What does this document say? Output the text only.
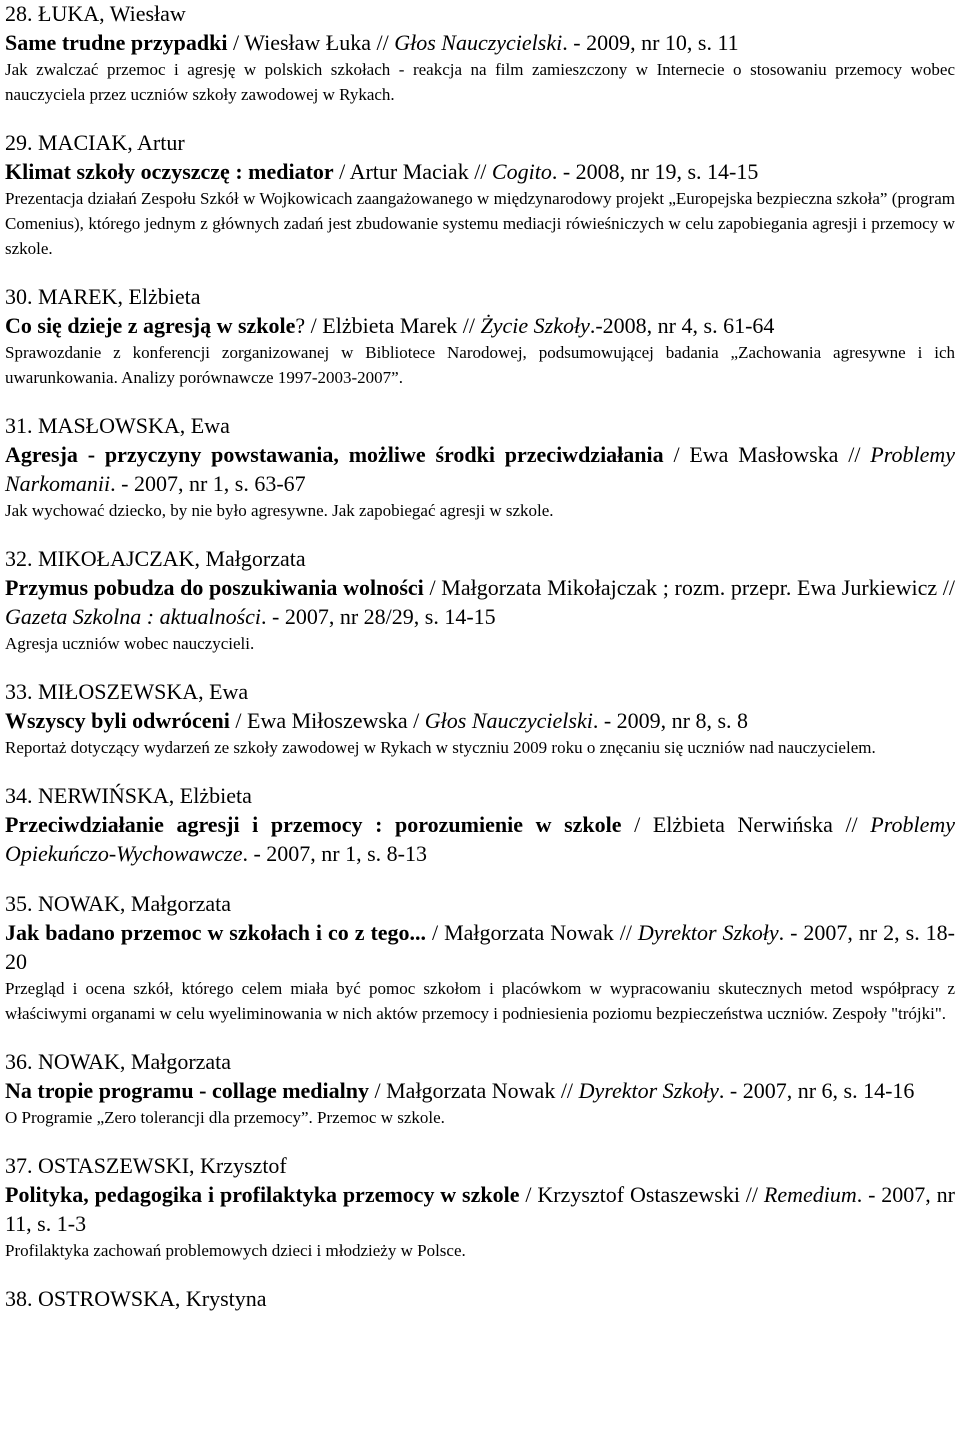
28. ŁUKA, Wiesław

Same trudne przypadki / Wiesław Łuka // Głos Nauczycielski. - 2009, nr 10, s. 11

Jak zwalczać przemoc i agresję w polskich szkołach - reakcja na film zamieszczony w Internecie o stosowaniu przemocy wobec nauczyciela przez uczniów szkoły zawodowej w Rykach.

29. MACIAK, Artur

Klimat szkoły oczyszczę : mediator / Artur Maciak // Cogito. - 2008, nr 19, s. 14-15

Prezentacja działań Zespołu Szkół w Wojkowicach zaangażowanego w międzynarodowy projekt „Europejska bezpieczna szkoła” (program Comenius), którego jednym z głównych zadań jest zbudowanie systemu mediacji rówieśniczych w celu zapobiegania agresji i przemocy w szkole.

30. MAREK, Elżbieta

Co się dzieje z agresją w szkole? / Elżbieta Marek // Życie Szkoły.-2008, nr 4, s. 61-64

Sprawozdanie z konferencji zorganizowanej w Bibliotece Narodowej, podsumowującej badania „Zachowania agresywne i ich uwarunkowania. Analizy porównawcze 1997-2003-2007”.

31. MASŁOWSKA, Ewa

Agresja - przyczyny powstawania, możliwe środki przeciwdziałania / Ewa Masłowska // Problemy Narkomanii. - 2007, nr 1, s. 63-67

Jak wychować dziecko, by nie było agresywne. Jak zapobiegać agresji w szkole.

32. MIKOŁAJCZAK, Małgorzata

Przymus pobudza do poszukiwania wolności / Małgorzata Mikołajczak ; rozm. przepr. Ewa Jurkiewicz // Gazeta Szkolna : aktualności. - 2007, nr 28/29, s. 14-15

Agresja uczniów wobec nauczycieli.

33. MIŁOSZEWSKA, Ewa

Wszyscy byli odwróceni / Ewa Miłoszewska / Głos Nauczycielski. - 2009, nr 8, s. 8

Reportaż dotyczący wydarzeń ze szkoły zawodowej w Rykach w styczniu 2009 roku o znęcaniu się uczniów nad nauczycielem.

34. NERWIŃSKA, Elżbieta

Przeciwdziałanie agresji i przemocy : porozumienie w szkole / Elżbieta Nerwińska // Problemy Opiekuńczo-Wychowawcze. - 2007, nr 1, s. 8-13

35. NOWAK, Małgorzata

Jak badano przemoc w szkołach i co z tego... / Małgorzata Nowak // Dyrektor Szkoły. - 2007, nr 2, s. 18-20

Przegląd i ocena szkół, którego celem miała być pomoc szkołom i placówkom w wypracowaniu skutecznych metod współpracy z właściwymi organami w celu wyeliminowania w nich aktów przemocy i podniesienia poziomu bezpieczeństwa uczniów. Zespoły "trójki".

36. NOWAK, Małgorzata

Na tropie programu - collage medialny / Małgorzata Nowak // Dyrektor Szkoły. - 2007, nr 6, s. 14-16

O Programie „Zero tolerancji dla przemocy”. Przemoc w szkole.

37. OSTASZEWSKI, Krzysztof

Polityka, pedagogika i profilaktyka przemocy w szkole / Krzysztof Ostaszewski // Remedium. - 2007, nr 11, s. 1-3

Profilaktyka zachowań problemowych dzieci i młodzieży w Polsce.

38. OSTROWSKA, Krystyna
